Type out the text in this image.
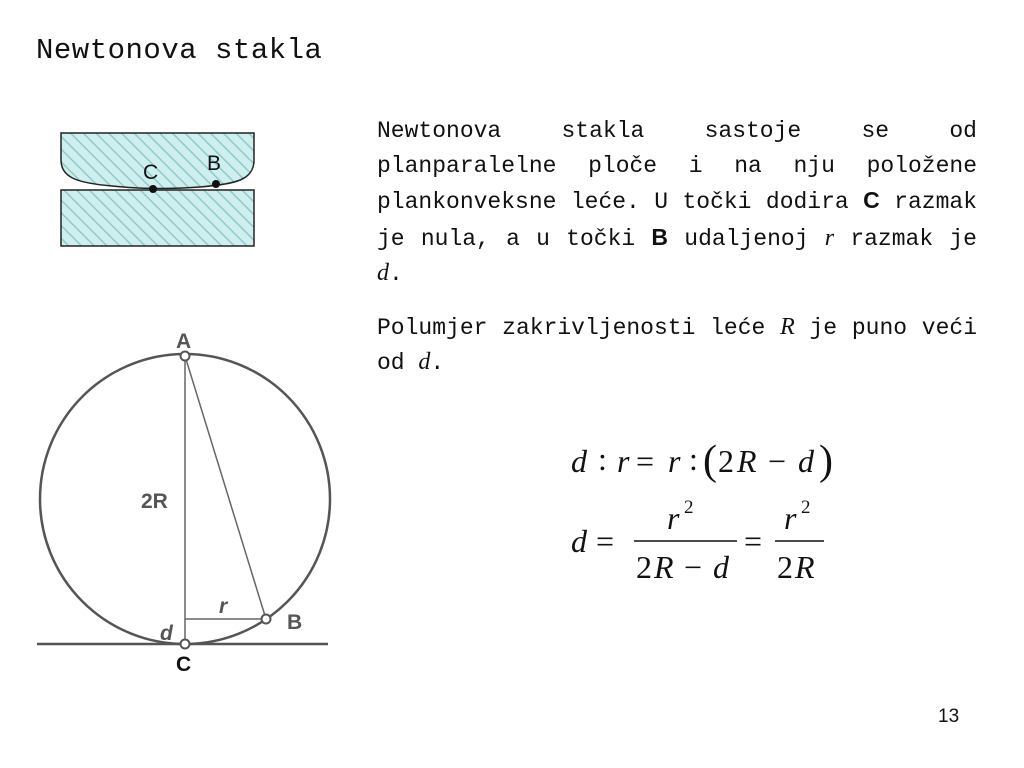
Newtonova stakla

Newtonova stakla sastoje se od planparalelne ploče i na nju položene plankonveksne leće. U točki dodira C razmak je nula, a u točki B udaljenoj r razmak je d.

Polumjer zakrivljenosti leće R je puno veći od d.

C B
A
2R
r
d	B
C
d : r = r : ( 2 R − d )
d =
r 2
2 R − d
=
r 2
2 R
13
